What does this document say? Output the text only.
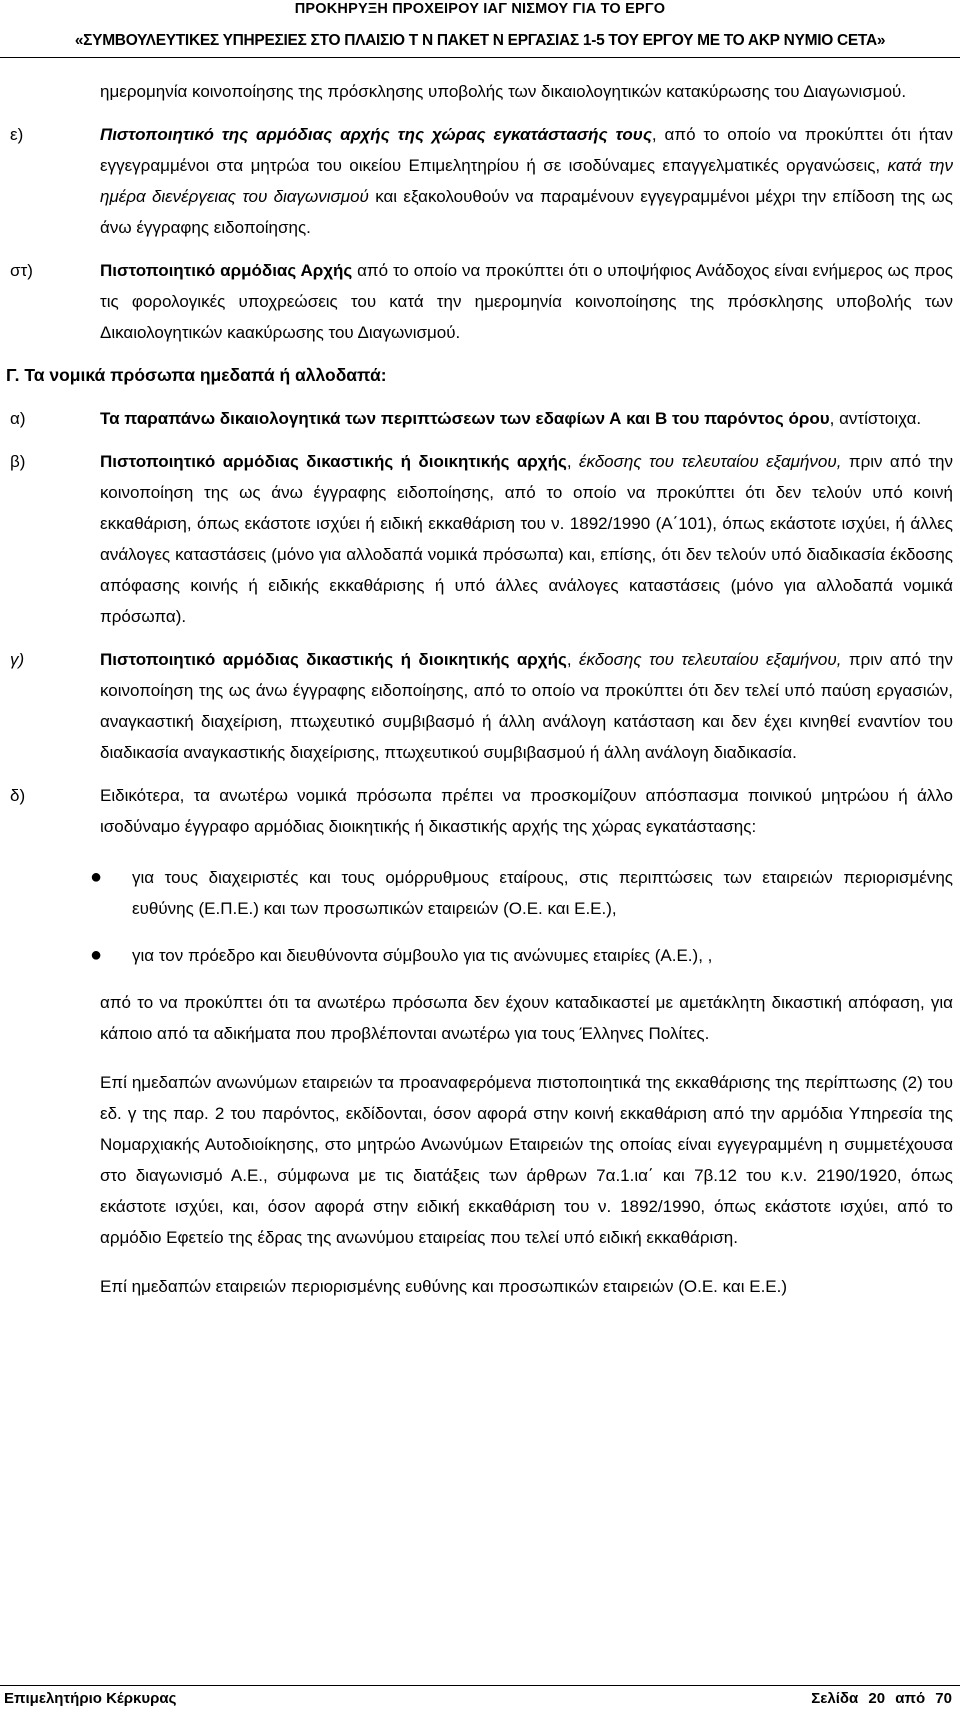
ΠΡΟΚΗΡΥΞΗ ΠΡΟΧΕΙΡΟΥ ΙΑΓ ΝΙΣΜΟΥ ΓΙΑ ΤΟ ΕΡΓΟ
«ΣΥΜΒΟΥΛΕΥΤΙΚΕΣ ΥΠΗΡΕΣΙΕΣ ΣΤΟ ΠΛΑΙΣΙΟ Τ Ν ΠΑΚΕΤ Ν ΕΡΓΑΣΙΑΣ 1-5 ΤΟΥ ΕΡΓΟΥ ΜΕ ΤΟ ΑΚΡ ΝΥΜΙΟ CETA»
ημερομηνία κοινοποίησης της πρόσκλησης υποβολής των δικαιολογητικών κατακύρωσης του Διαγωνισμού.
ε)	Πιστοποιητικό της αρμόδιας αρχής της χώρας εγκατάστασής τους, από το οποίο να προκύπτει ότι ήταν εγγεγραμμένοι στα μητρώα του οικείου Επιμελητηρίου ή σε ισοδύναμες επαγγελματικές οργανώσεις, κατά την ημέρα διενέργειας του διαγωνισμού και εξακολουθούν να παραμένουν εγγεγραμμένοι μέχρι την επίδοση της ως άνω έγγραφης ειδοποίησης.
στ)	Πιστοποιητικό αρμόδιας Αρχής από το οποίο να προκύπτει ότι ο υποψήφιος Ανάδοχος είναι ενήμερος ως προς τις φορολογικές υποχρεώσεις του κατά την ημερομηνία κοινοποίησης της πρόσκλησης υποβολής των Δικαιολογητικών κaακύρωσης του Διαγωνισμού.
Γ. Τα νομικά πρόσωπα ημεδαπά ή αλλοδαπά:
α)	Τα παραπάνω δικαιολογητικά των περιπτώσεων των εδαφίων Α και Β του παρόντος όρου, αντίστοιχα.
β)	Πιστοποιητικό αρμόδιας δικαστικής ή διοικητικής αρχής, έκδοσης του τελευταίου εξαμήνου, πριν από την κοινοποίηση της ως άνω έγγραφης ειδοποίησης, από το οποίο να προκύπτει ότι δεν τελούν υπό κοινή εκκαθάριση, όπως εκάστοτε ισχύει ή ειδική εκκαθάριση του ν. 1892/1990 (Α΄101), όπως εκάστοτε ισχύει, ή άλλες ανάλογες καταστάσεις (μόνο για αλλοδαπά νομικά πρόσωπα) και, επίσης, ότι δεν τελούν υπό διαδικασία έκδοσης απόφασης κοινής ή ειδικής εκκαθάρισης ή υπό άλλες ανάλογες καταστάσεις (μόνο για αλλοδαπά νομικά πρόσωπα).
γ)	Πιστοποιητικό αρμόδιας δικαστικής ή διοικητικής αρχής, έκδοσης του τελευταίου εξαμήνου, πριν από την κοινοποίηση της ως άνω έγγραφης ειδοποίησης, από το οποίο να προκύπτει ότι δεν τελεί υπό παύση εργασιών, αναγκαστική διαχείριση, πτωχευτικό συμβιβασμό ή άλλη ανάλογη κατάσταση και δεν έχει κινηθεί εναντίον του διαδικασία αναγκαστικής διαχείρισης, πτωχευτικού συμβιβασμού ή άλλη ανάλογη διαδικασία.
δ)	Ειδικότερα, τα ανωτέρω νομικά πρόσωπα πρέπει να προσκομίζουν απόσπασμα ποινικού μητρώου ή άλλο ισοδύναμο έγγραφο αρμόδιας διοικητικής ή δικαστικής αρχής της χώρας εγκατάστασης:
● για τους διαχειριστές και τους ομόρρυθμους εταίρους, στις περιπτώσεις των εταιρειών περιορισμένης ευθύνης (Ε.Π.Ε.) και των προσωπικών εταιρειών (Ο.Ε. και Ε.Ε.),
● για τον πρόεδρο και διευθύνοντα σύμβουλο για τις ανώνυμες εταιρίες (Α.Ε.), ,
από το να προκύπτει ότι τα ανωτέρω πρόσωπα δεν έχουν καταδικαστεί με αμετάκλητη δικαστική απόφαση, για κάποιο από τα αδικήματα που προβλέπονται ανωτέρω για τους Έλληνες Πολίτες.
Επί ημεδαπών ανωνύμων εταιρειών τα προαναφερόμενα πιστοποιητικά της εκκαθάρισης της περίπτωσης (2) του εδ. γ της παρ. 2 του παρόντος, εκδίδονται, όσον αφορά στην κοινή εκκαθάριση από την αρμόδια Υπηρεσία της Νομαρχιακής Αυτοδιοίκησης, στο μητρώο Ανωνύμων Εταιρειών της οποίας είναι εγγεγραμμένη η συμμετέχουσα στο διαγωνισμό Α.Ε., σύμφωνα με τις διατάξεις των άρθρων 7α.1.ια΄ και 7β.12 του κ.ν. 2190/1920, όπως εκάστοτε ισχύει, και, όσον αφορά στην ειδική εκκαθάριση του ν. 1892/1990, όπως εκάστοτε ισχύει, από το αρμόδιο Εφετείο της έδρας της ανωνύμου εταιρείας που τελεί υπό ειδική εκκαθάριση.
Επί ημεδαπών εταιρειών περιορισμένης ευθύνης και προσωπικών εταιρειών (Ο.Ε. και Ε.Ε.)
Επιμελητήριο Κέρκυρας	Σελίδα 20 από 70
